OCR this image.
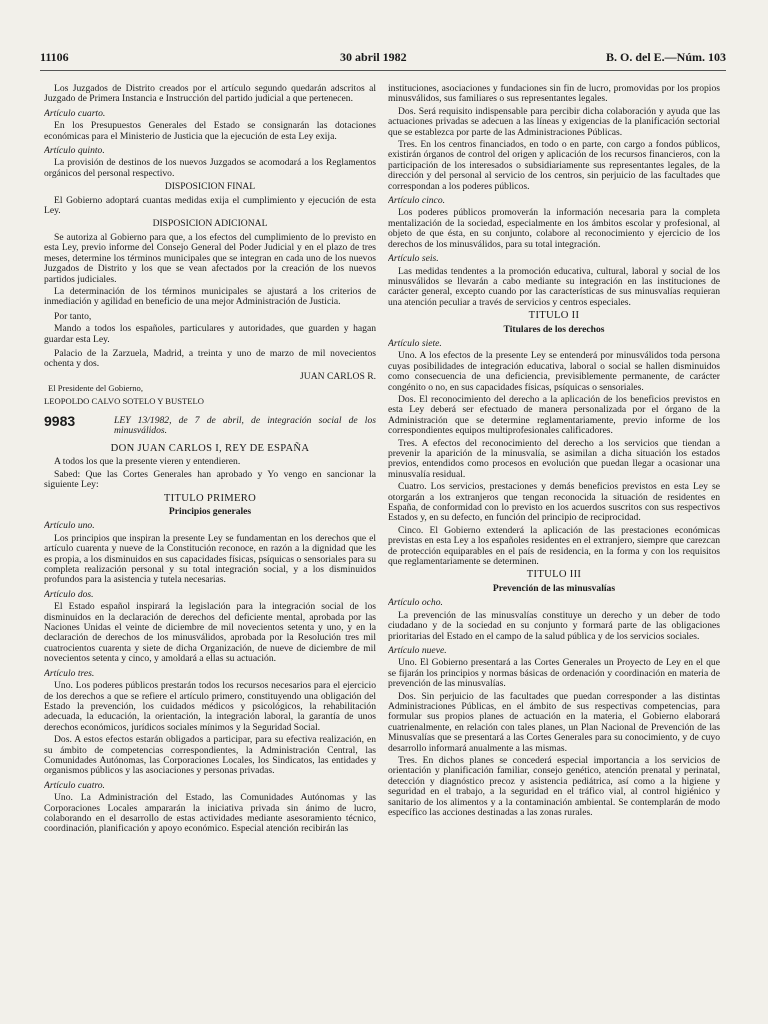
11106	30 abril 1982	B. O. del E.—Núm. 103

Los Juzgados de Distrito creados por el artículo segundo quedarán adscritos al Juzgado de Primera Instancia e Instrucción del partido judicial a que pertenecen.

Artículo cuarto.

En los Presupuestos Generales del Estado se consignarán las dotaciones económicas para el Ministerio de Justicia que la ejecución de esta Ley exija.

Artículo quinto.

La provisión de destinos de los nuevos Juzgados se acomodará a los Reglamentos orgánicos del personal respectivo.

DISPOSICION FINAL

El Gobierno adoptará cuantas medidas exija el cumplimiento y ejecución de esta Ley.

DISPOSICION ADICIONAL

Se autoriza al Gobierno para que, a los efectos del cumplimiento de lo previsto en esta Ley, previo informe del Consejo General del Poder Judicial y en el plazo de tres meses, determine los términos municipales que se integran en cada uno de los nuevos Juzgados de Distrito y los que se vean afectados por la creación de los nuevos partidos judiciales.

La determinación de los términos municipales se ajustará a los criterios de inmediación y agilidad en beneficio de una mejor Administración de Justicia.

Por tanto,

Mando a todos los españoles, particulares y autoridades, que guarden y hagan guardar esta Ley.

Palacio de la Zarzuela, Madrid, a treinta y uno de marzo de mil novecientos ochenta y dos.

JUAN CARLOS R.

El Presidente del Gobierno,

LEOPOLDO CALVO SOTELO Y BUSTELO

9983	LEY 13/1982, de 7 de abril, de integración social de los minusválidos.

DON JUAN CARLOS I, REY DE ESPAÑA

A todos los que la presente vieren y entendieren.

Sabed: Que las Cortes Generales han aprobado y Yo vengo en sancionar la siguiente Ley:

TITULO PRIMERO
Principios generales
Artículo uno.

Los principios que inspiran la presente Ley se fundamentan en los derechos que el artículo cuarenta y nueve de la Constitución reconoce, en razón a la dignidad que les es propia, a los disminuidos en sus capacidades físicas, psíquicas o sensoriales para su completa realización personal y su total integración social, y a los disminuidos profundos para la asistencia y tutela necesarias.

Artículo dos.

El Estado español inspirará la legislación para la integración social de los disminuidos en la declaración de derechos del deficiente mental, aprobada por las Naciones Unidas el veinte de diciembre de mil novecientos setenta y uno, y en la declaración de derechos de los minusválidos, aprobada por la Resolución tres mil cuatrocientos cuarenta y siete de dicha Organización, de nueve de diciembre de mil novecientos setenta y cinco, y amoldará a ellas su actuación.

Artículo tres.

Uno. Los poderes públicos prestarán todos los recursos necesarios para el ejercicio de los derechos a que se refiere el artículo primero, constituyendo una obligación del Estado la prevención, los cuidados médicos y psicológicos, la rehabilitación adecuada, la educación, la orientación, la integración laboral, la garantía de unos derechos económicos, jurídicos sociales mínimos y la Seguridad Social.

Dos. A estos efectos estarán obligados a participar, para su efectiva realización, en su ámbito de competencias correspondientes, la Administración Central, las Comunidades Autónomas, las Corporaciones Locales, los Sindicatos, las entidades y organismos públicos y las asociaciones y personas privadas.

Artículo cuatro.

Uno. La Administración del Estado, las Comunidades Autónomas y las Corporaciones Locales ampararán la iniciativa privada sin ánimo de lucro, colaborando en el desarrollo de estas actividades mediante asesoramiento técnico, coordinación, planificación y apoyo económico. Especial atención recibirán las

instituciones, asociaciones y fundaciones sin fin de lucro, promovidas por los propios minusválidos, sus familiares o sus representantes legales.

Dos. Será requisito indispensable para percibir dicha colaboración y ayuda que las actuaciones privadas se adecuen a las líneas y exigencias de la planificación sectorial que se establezca por parte de las Administraciones Públicas.

Tres. En los centros financiados, en todo o en parte, con cargo a fondos públicos, existirán órganos de control del origen y aplicación de los recursos financieros, con la participación de los interesados o subsidiariamente sus representantes legales, de la dirección y del personal al servicio de los centros, sin perjuicio de las facultades que correspondan a los poderes públicos.

Artículo cinco.

Los poderes públicos promoverán la información necesaria para la completa mentalización de la sociedad, especialmente en los ámbitos escolar y profesional, al objeto de que ésta, en su conjunto, colabore al reconocimiento y ejercicio de los derechos de los minusválidos, para su total integración.

Artículo seis.

Las medidas tendentes a la promoción educativa, cultural, laboral y social de los minusválidos se llevarán a cabo mediante su integración en las instituciones de carácter general, excepto cuando por las características de sus minusvalías requieran una atención peculiar a través de servicios y centros especiales.

TITULO II
Titulares de los derechos
Artículo siete.

Uno. A los efectos de la presente Ley se entenderá por minusválidos toda persona cuyas posibilidades de integración educativa, laboral o social se hallen disminuidos como consecuencia de una deficiencia, previsiblemente permanente, de carácter congénito o no, en sus capacidades físicas, psíquicas o sensoriales.

Dos. El reconocimiento del derecho a la aplicación de los beneficios previstos en esta Ley deberá ser efectuado de manera personalizada por el órgano de la Administración que se determine reglamentariamente, previo informe de los correspondientes equipos multiprofesionales calificadores.

Tres. A efectos del reconocimiento del derecho a los servicios que tiendan a prevenir la aparición de la minusvalía, se asimilan a dicha situación los estados previos, entendidos como procesos en evolución que puedan llegar a ocasionar una minusvalía residual.

Cuatro. Los servicios, prestaciones y demás beneficios previstos en esta Ley se otorgarán a los extranjeros que tengan reconocida la situación de residentes en España, de conformidad con lo previsto en los acuerdos suscritos con sus respectivos Estados y, en su defecto, en función del principio de reciprocidad.

Cinco. El Gobierno extenderá la aplicación de las prestaciones económicas previstas en esta Ley a los españoles residentes en el extranjero, siempre que carezcan de protección equiparables en el país de residencia, en la forma y con los requisitos que reglamentariamente se determinen.

TITULO III
Prevención de las minusvalías
Artículo ocho.

La prevención de las minusvalías constituye un derecho y un deber de todo ciudadano y de la sociedad en su conjunto y formará parte de las obligaciones prioritarias del Estado en el campo de la salud pública y de los servicios sociales.

Artículo nueve.

Uno. El Gobierno presentará a las Cortes Generales un Proyecto de Ley en el que se fijarán los principios y normas básicas de ordenación y coordinación en materia de prevención de las minusvalías.

Dos. Sin perjuicio de las facultades que puedan corresponder a las distintas Administraciones Públicas, en el ámbito de sus respectivas competencias, para formular sus propios planes de actuación en la materia, el Gobierno elaborará cuatrienalmente, en relación con tales planes, un Plan Nacional de Prevención de las Minusvalías que se presentará a las Cortes Generales para su conocimiento, y de cuyo desarrollo informará anualmente a las mismas.

Tres. En dichos planes se concederá especial importancia a los servicios de orientación y planificación familiar, consejo genético, atención prenatal y perinatal, detección y diagnóstico precoz y asistencia pediátrica, así como a la higiene y seguridad en el trabajo, a la seguridad en el tráfico vial, al control higiénico y sanitario de los alimentos y a la contaminación ambiental. Se contemplarán de modo específico las acciones destinadas a las zonas rurales.
